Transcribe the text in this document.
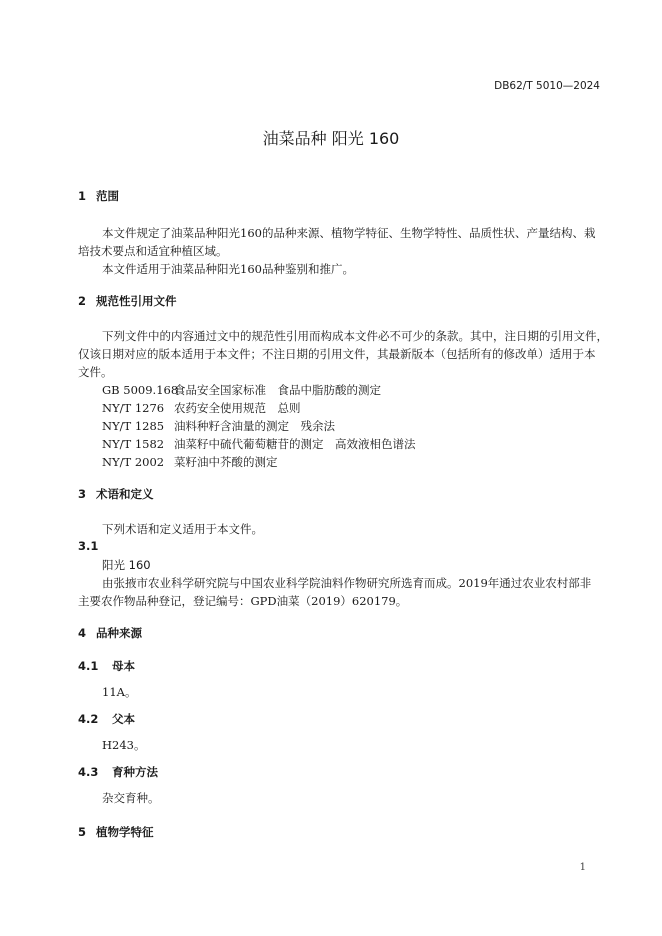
DB62/T 5010—2024
油菜品种 阳光 160
1 范围
本文件规定了油菜品种阳光160的品种来源、植物学特征、生物学特性、品质性状、产量结构、栽
培技术要点和适宜种植区域。
本文件适用于油菜品种阳光160品种鉴别和推广。
2 规范性引用文件
下列文件中的内容通过文中的规范性引用而构成本文件必不可少的条款。其中，注日期的引用文件，
仅该日期对应的版本适用于本文件；不注日期的引用文件，其最新版本（包括所有的修改单）适用于本
文件。
GB 5009.168食品安全国家标准　食品中脂肪酸的测定
NY/T 1276 农药安全使用规范　总则
NY/T 1285 油料种籽含油量的测定　残余法
NY/T 1582 油菜籽中硫代葡萄糖苷的测定　高效液相色谱法
NY/T 2002 菜籽油中芥酸的测定
3 术语和定义
下列术语和定义适用于本文件。
3.1
阳光 160
由张掖市农业科学研究院与中国农业科学院油料作物研究所选育而成。2019年通过农业农村部非
主要农作物品种登记，登记编号：GPD油菜（2019）620179。
4 品种来源
4.1 母本
11A。
4.2 父本
H243。
4.3 育种方法
杂交育种。
5 植物学特征
1
